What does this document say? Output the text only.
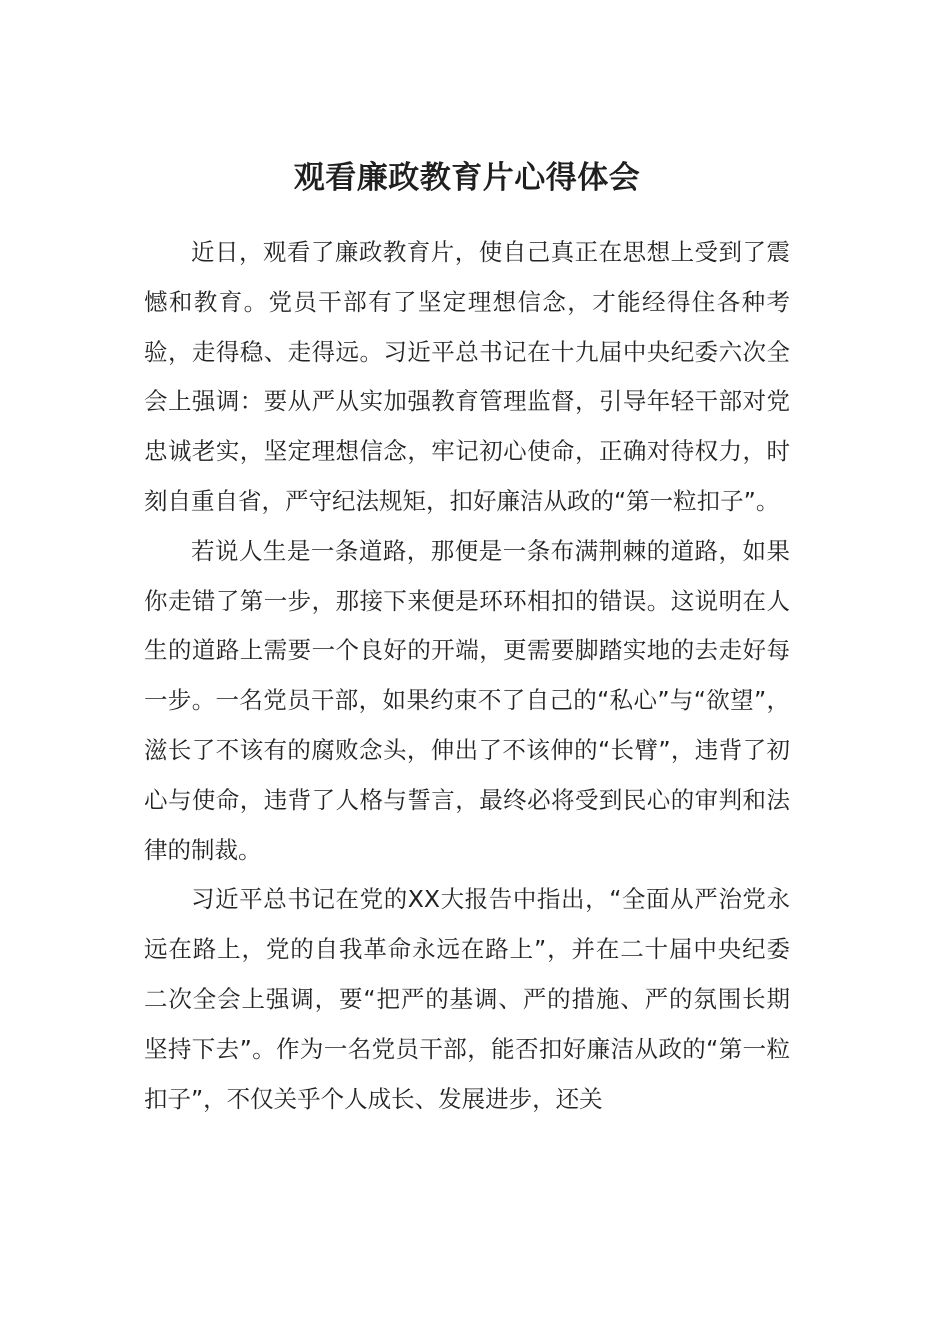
观看廉政教育片心得体会

近日，观看了廉政教育片，使自己真正在思想上受到了震憾和教育。党员干部有了坚定理想信念，才能经得住各种考验，走得稳、走得远。习近平总书记在十九届中央纪委六次全会上强调：要从严从实加强教育管理监督，引导年轻干部对党忠诚老实，坚定理想信念，牢记初心使命，正确对待权力，时刻自重自省，严守纪法规矩，扣好廉洁从政的“第一粒扣子”。

若说人生是一条道路，那便是一条布满荆棘的道路，如果你走错了第一步，那接下来便是环环相扣的错误。这说明在人生的道路上需要一个良好的开端，更需要脚踏实地的去走好每一步。一名党员干部，如果约束不了自己的“私心”与“欲望”，滋长了不该有的腐败念头，伸出了不该伸的“长臂”，违背了初心与使命，违背了人格与誓言，最终必将受到民心的审判和法律的制裁。

习近平总书记在党的XX大报告中指出，“全面从严治党永远在路上，党的自我革命永远在路上”，并在二十届中央纪委二次全会上强调，要“把严的基调、严的措施、严的氛围长期坚持下去”。作为一名党员干部，能否扣好廉洁从政的“第一粒扣子”，不仅关乎个人成长、发展进步，还关
